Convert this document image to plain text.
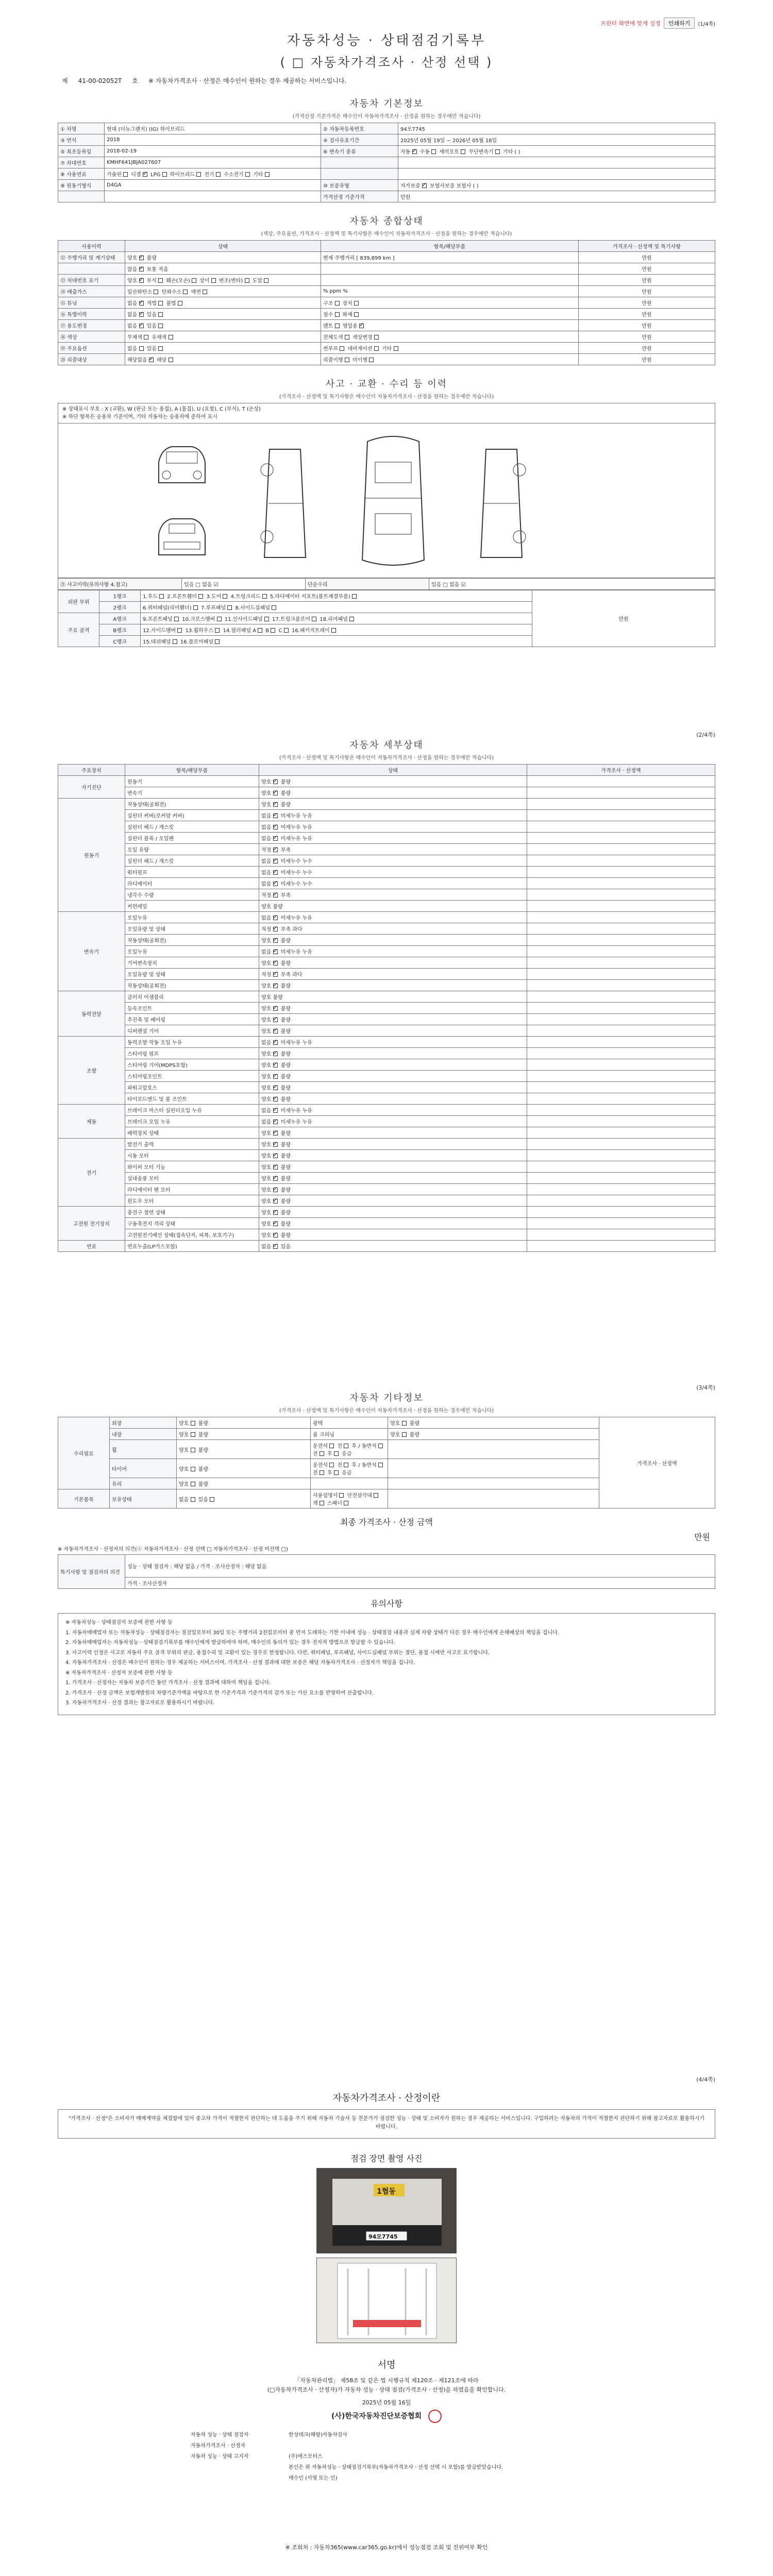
프린터 화면에 맞게 설정	인쇄하기	(1/4쪽)
자동차성능 · 상태점검기록부
( □ 자동차가격조사 · 산정 선택 )
제 41-00-02052T 호 ※ 자동차가격조사 · 산정은 매수인이 원하는 경우 제공하는 서비스입니다.
자동차 기본정보
(가격산정 기준가격은 매수인이 자동차가격조사 · 산정을 원하는 경우에만 적습니다)
① 차명	현대 (더뉴그랜저) (IG) 하이브리드	② 자동차등록번호	94모7745
③ 연식	2018	④ 검사유효기간	2025년 05월 19일 ~ 2026년 05월 18일
⑤ 최초등록일	2018-02-19	⑥ 변속기 종류	자동 ✓ 수동  세미오토  무단변속기  기타 ( )
⑦ 차대번호	KMHF641JBJA027607		
⑧ 사용연료	가솔린  디젤 ✓ LPG  하이브리드  전기  수소전기  기타		
⑨ 원동기형식	D4GA	⑩ 보증유형	자가보증 ✓ 보험사보증 보험사 ( )
		가격산정 기준가격	만원
자동차 종합상태
(색상, 주요옵션, 가격조사 · 산정액 및 특기사항은 매수인이 자동차가격조사 · 산정을 원하는 경우에만 적습니다)
사용이력	상태	항목/해당부품	가격조사 · 산정액 및 특기사항
⑫ 주행거리 및 계기상태	양호 ✓ 불량	현재 주행거리 [ 839,899 km ]	만원
	많음 ✓ 보통 적음		만원
⑬ 차대번호 표기	양호 ✓ 부식  훼손(오손)  상이  변조(변타)  도말		만원
⑭ 배출가스	일산화탄소  탄화수소  매연	% ppm %	만원
⑮ 튜닝	없음 ✓ 적법  불법	구조  장치	만원
⑯ 특별이력	없음 ✓ 있음	침수  화재	만원
⑰ 용도변경	없음 ✓ 있음	렌트  영업용 ✓	만원
⑱ 색상	무채색  유채색	전체도색  색상변경	만원
⑲ 주요옵션	없음  있음	썬루프  네비게이션  기타	만원
⑳ 리콜대상	해당없음 ✓ 해당	리콜이행  미이행	만원
사고 · 교환 · 수리 등 이력
(가격조사 · 산정액 및 특기사항은 매수인이 자동차가격조사 · 산정을 원하는 경우에만 적습니다)
※ 상태표시 부호 : X (교환), W (판금 또는 용접), A (흠집), U (요철), C (부식), T (손상)
※ 하단 항목은 승용차 기준이며, 기타 자동차는 승용차에 준하여 표시
㉑ 사고이력(유의사항 4.참고)	있음 □ 없음 ☑	단순수리	있음 □ 없음 ☑
외판 부위	1랭크	1.후드  2.프론트휀더  3.도어  4.트렁크리드  5.라디에이터 서포트(볼트체결부품)	만원
	2랭크	6.쿼터패널(리어휀더)  7.루프패널  8.사이드실패널	
주요 골격	A랭크	9.프론트패널  10.크로스멤버  11.인사이드패널  17.트렁크플로어  18.리어패널	
	B랭크	12.사이드멤버  13.휠하우스  14.필러패널 A  B  C  16.패키지트레이	
	C랭크	15.대쉬패널  16.플로어패널	
(2/4쪽)
자동차 세부상태
(가격조사 · 산정액 및 특기사항은 매수인이 자동차가격조사 · 산정을 원하는 경우에만 적습니다)
주요장치	항목/해당부품	상태	가격조사 · 산정액
자기진단	원동기	양호 ✓ 불량	
	변속기	양호 ✓ 불량	
원동기	작동상태(공회전)	양호 ✓ 불량	
	실린더 커버(로커암 커버)	없음 ✓ 미세누유 누유	
	실린더 헤드 / 개스킷	없음 ✓ 미세누유 누유	
	실린더 블록 / 오일팬	없음 ✓ 미세누유 누유	
	오일 유량	적정 ✓ 부족	
	실린더 헤드 / 개스킷	없음 ✓ 미세누수 누수	
	워터펌프	없음 ✓ 미세누수 누수	
	라디에이터	없음 ✓ 미세누수 누수	
	냉각수 수량	적정 ✓ 부족	
	커먼레일	양호 불량	
변속기	오일누유	없음 ✓ 미세누유 누유	
	오일유량 및 상태	적정 ✓ 부족 과다	
	작동상태(공회전)	양호 ✓ 불량	
	오일누유	없음 ✓ 미세누유 누유	
	기어변속장치	양호 ✓ 불량	
	오일유량 및 상태	적정 ✓ 부족 과다	
	작동상태(공회전)	양호 ✓ 불량	
동력전달	클러치 어셈블리	양호 불량	
	등속조인트	양호 ✓ 불량	
	추진축 및 베어링	양호 ✓ 불량	
	디퍼렌셜 기어	양호 ✓ 불량	
조향	동력조향 작동 오일 누유	없음 ✓ 미세누유 누유	
	스티어링 펌프	양호 ✓ 불량	
	스티어링 기어(MDPS포함)	양호 ✓ 불량	
	스티어링조인트	양호 ✓ 불량	
	파워고압호스	양호 ✓ 불량	
	타이로드엔드 및 볼 조인트	양호 ✓ 불량	
제동	브레이크 마스터 실린더오일 누유	없음 ✓ 미세누유 누유	
	브레이크 오일 누유	없음 ✓ 미세누유 누유	
	배력장치 상태	양호 ✓ 불량	
전기	발전기 출력	양호 ✓ 불량	
	시동 모터	양호 ✓ 불량	
	와이퍼 모터 기능	양호 ✓ 불량	
	실내송풍 모터	양호 ✓ 불량	
	라디에이터 팬 모터	양호 ✓ 불량	
	윈도우 모터	양호 ✓ 불량	
고전원 전기장치	충전구 절연 상태	양호 ✓ 불량	
	구동축전지 격리 상태	양호 ✓ 불량	
	고전원전기배선 상태(접속단자, 피복, 보호기구)	양호 ✓ 불량	
연료	연료누출(LP가스포함)	없음 ✓ 있음	
(3/4쪽)
자동차 기타정보
(가격조사 · 산정액 및 특기사항은 매수인이 자동차가격조사 · 산정을 원하는 경우에만 적습니다)
수리필요	외장	양호  불량	광택	양호  불량	가격조사 · 산정액
	내장	양호  불량	룸 크리닝	양호  불량	
	휠	양호  불량	운전석  전  후 / 동반석  전  후  응급		
	타이어	양호  불량	운전석  전  후 / 동반석  전  후  응급		
	유리	양호  불량			
기본품목	보유상태	없음  있음	사용설명서  안전삼각대  잭  스패너		
최종 가격조사 · 산정 금액
만원
※ 자동차가격조사 · 산정자의 의견(ⓐ 자동차가격조사 · 산정 선택 □ 자동차가격조사 · 산정 미선택 □)
특기사항 및 점검자의 의견	성능 · 상태 점검자 : 해당 없음 / 가격 · 조사산정자 : 해당 없음
가격 · 조사산정자
유의사항

※ 자동차성능 · 상태점검자 보증에 관한 사항 등

1. 자동차매매업자 또는 자동차성능 · 상태점검자는 점검일로부터 30일 또는 주행거리 2천킬로미터 중 먼저 도래하는 기한 이내에 성능 · 상태점검 내용과 실제 차량 상태가 다른 경우 매수인에게 손해배상의 책임을 집니다.

2. 자동차매매업자는 자동차성능 · 상태점검기록부를 매수인에게 발급하여야 하며, 매수인의 동의가 있는 경우 전자적 방법으로 발급할 수 있습니다.

3. 사고이력 인정은 사고로 자동차 주요 골격 부위의 판금, 용접수리 및 교환이 있는 경우로 한정합니다. 다만, 쿼터패널, 루프패널, 사이드실패널 부위는 절단, 용접 시에만 사고로 표기합니다.

4. 자동차가격조사 · 산정은 매수인이 원하는 경우 제공하는 서비스이며, 가격조사 · 산정 결과에 대한 보증은 해당 자동차가격조사 · 산정자가 책임을 집니다.

※ 자동차가격조사 · 산정자 보증에 관한 사항 등

1. 가격조사 · 산정자는 자동차 보증기간 동안 가격조사 · 산정 결과에 대하여 책임을 집니다.

2. 가격조사 · 산정 금액은 보험개발원의 차량기준가액을 바탕으로 한 기준가격과 기준가격의 감가 또는 가산 요소를 반영하여 산출합니다.

3. 자동차가격조사 · 산정 결과는 참고자료로 활용하시기 바랍니다.

(4/4쪽)
자동차가격조사 · 산정이란

"가격조사 · 산정"은 소비자가 매매계약을 체결함에 있어 중고차 가격이 적절한지 판단하는 데 도움을 주기 위해 자동차 기술사 등 전문가가 점검한 성능 · 상태 및 소비자가 원하는 경우 제공하는 서비스입니다. 구입하려는 자동차의 가격이 적절한지 판단하기 위해 참고자료로 활용하시기 바랍니다.

점검 장면 촬영 사진
1협동
94모7745
서명
「자동차관리법」 제58조 및 같은 법 시행규칙 제120조 · 제121조에 따라
(□자동차가격조사 · 산정자)가 자동차 성능 · 상태 점검(가격조사 · 산정)을 하였음을 확인합니다.
2025년 05월 16일
(사)한국자동차진단보증협회
자동차 성능 · 상태 점검자	한성테크(해랑)자동차검사
자동차가격조사 · 산정자
자동차 성능 · 상태 고지자	(주)에스모터스
본인은 위 자동차성능 · 상태점검기록부(자동차가격조사 · 산정 선택 시 포함)를 발급받았습니다.
매수인 (서명 또는 인)
※ 조회처 : 자동차365(www.car365.go.kr)에서 성능점검 조회 및 진위여부 확인
